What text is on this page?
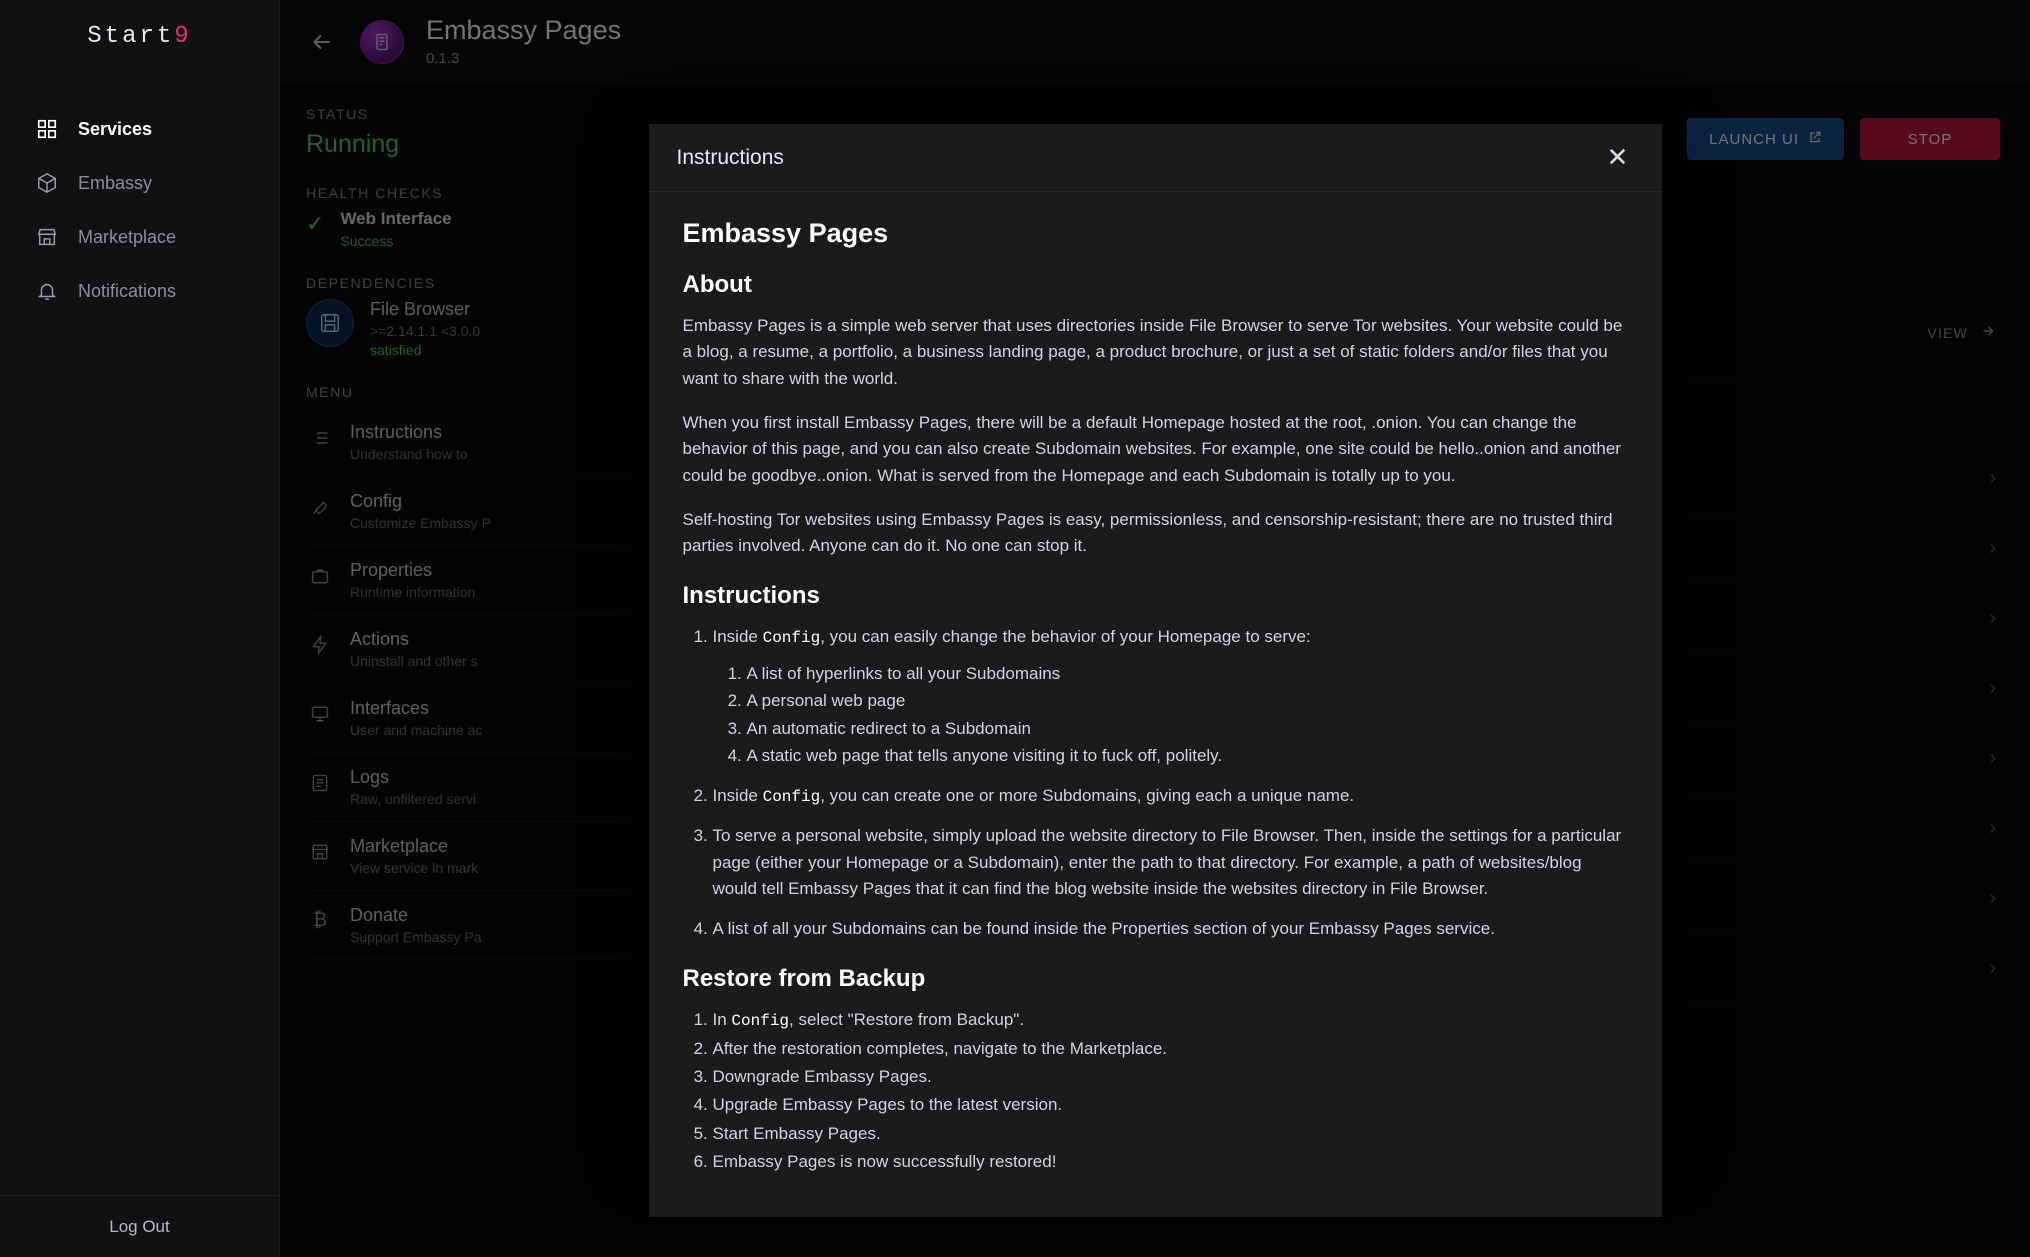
Start 9
Services
Embassy
Marketplace
Notifications
Log Out
Instructions	✕
Embassy Pages
About

Embassy Pages is a simple web server that uses directories inside File Browser to serve Tor websites. Your website could be a blog, a resume, a portfolio, a business landing page, a product brochure, or just a set of static folders and/or files that you want to share with the world.

When you first install Embassy Pages, there will be a default Homepage hosted at the root, .onion. You can change the behavior of this page, and you can also create Subdomain websites. For example, one site could be hello..onion and another could be goodbye..onion. What is served from the Homepage and each Subdomain is totally up to you.

Self-hosting Tor websites using Embassy Pages is easy, permissionless, and censorship-resistant; there are no trusted third parties involved. Anyone can do it. No one can stop it.

Instructions
1. Inside Config, you can easily change the behavior of your Homepage to serve:
1. A list of hyperlinks to all your Subdomains
2. A personal web page
3. An automatic redirect to a Subdomain
4. A static web page that tells anyone visiting it to fuck off, politely.
2. Inside Config, you can create one or more Subdomains, giving each a unique name.
3. To serve a personal website, simply upload the website directory to File Browser. Then, inside the settings for a particular page (either your Homepage or a Subdomain), enter the path to that directory. For example, a path of websites/blog would tell Embassy Pages that it can find the blog website inside the websites directory in File Browser.
4. A list of all your Subdomains can be found inside the Properties section of your Embassy Pages service.
Restore from Backup
1. In Config, select "Restore from Backup".
2. After the restoration completes, navigate to the Marketplace.
3. Downgrade Embassy Pages.
4. Upgrade Embassy Pages to the latest version.
5. Start Embassy Pages.
6. Embassy Pages is now successfully restored!
